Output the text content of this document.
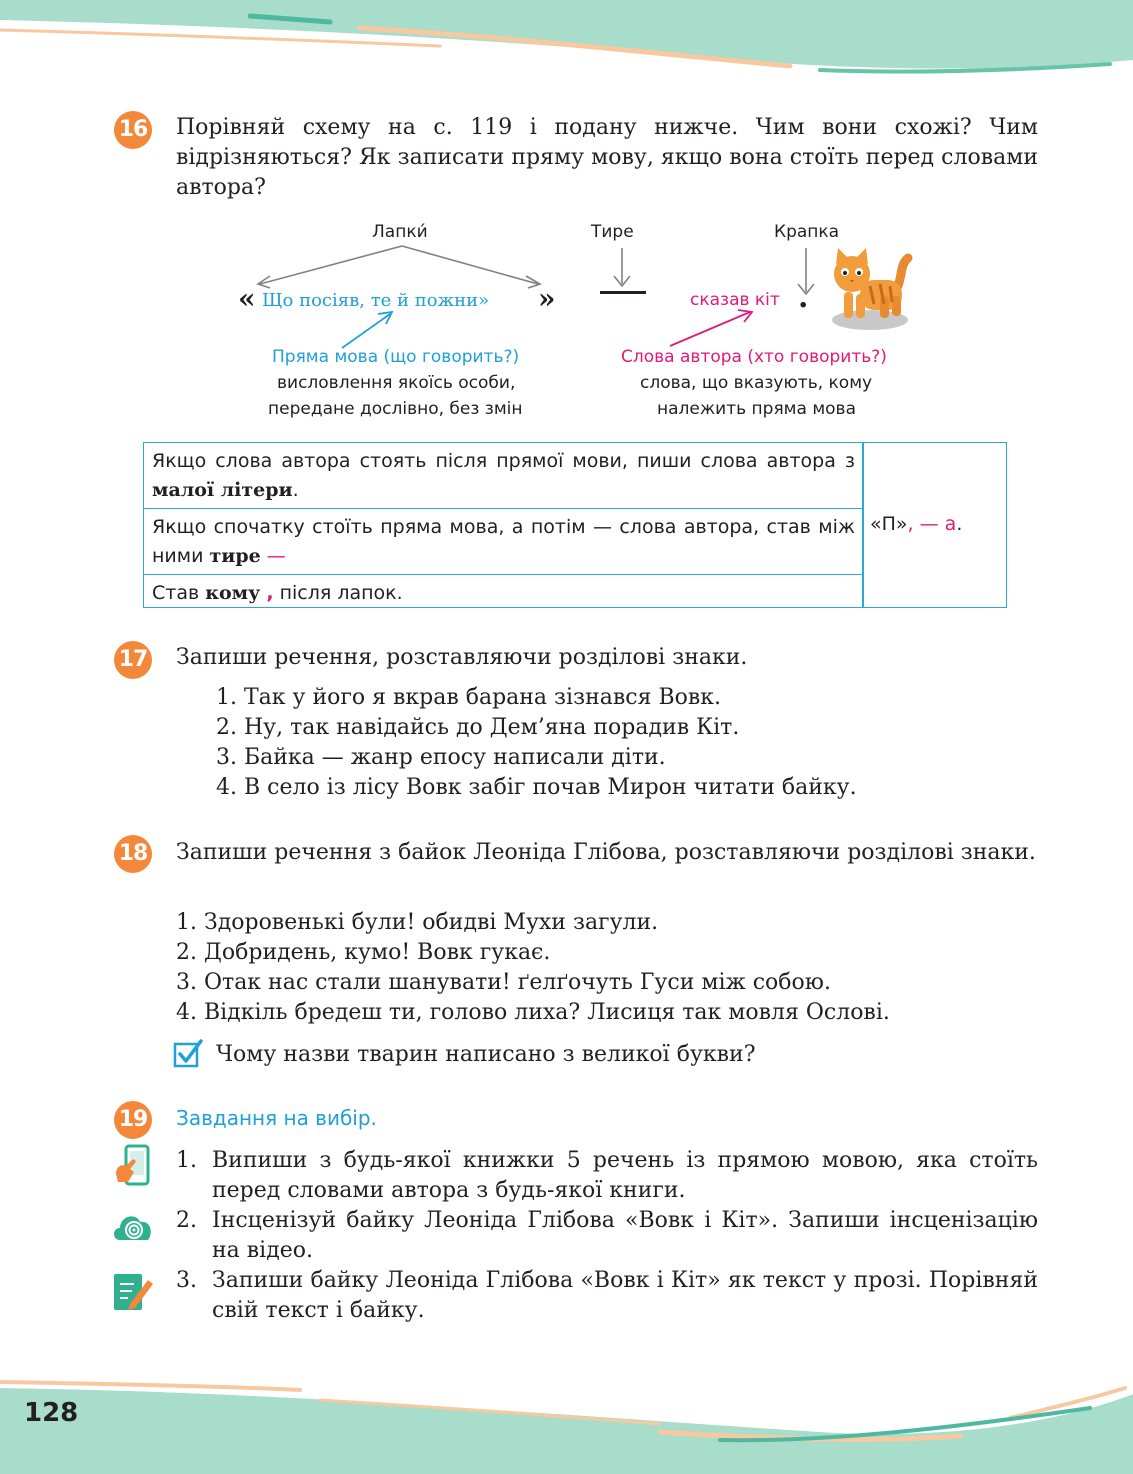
128
16 Порівняй схему на с. 119 і подану нижче. Чим вони схожі? Чим відрізняються? Як записати пряму мову, якщо вона стоїть перед словами автора?
Лапки́	Тире	Крапка
« Що посіяв, те й пожни» »	сказав кіт .
Пряма мова (що говорить?)
висловлення якоїсь особи,
передане дослівно, без змін
Слова автора (хто говорить?)
слова, що вказують, кому
належить пряма мова
Якщо слова автора стоять після прямої мови, пиши слова автора з малої літери.
Якщо спочатку стоїть пряма мова, а потім — слова автора, став між ними тире —
Став кому , після лапок.
«П», — а.
17 Запиши речення, розставляючи розділові знаки.
1. Так у його я вкрав барана зізнався Вовк.
2. Ну, так навідайсь до Дем’яна порадив Кіт.
3. Байка — жанр епосу написали діти.
4. В село із лісу Вовк забіг почав Мирон читати байку.
18 Запиши речення з байок Леоніда Глібова, розставляючи розділові знаки.
1. Здоровенькі були! обидві Мухи загули.
2. Добридень, кумо! Вовк гукає.
3. Отак нас стали шанувати! ґелґочуть Гуси між собою.
4. Відкіль бредеш ти, голово лиха? Лисиця так мовля Ослові.
Чому назви тварин написано з великої букви?
19 Завдання на вибір.
1. Випиши з будь-якої книжки 5 речень із прямою мовою, яка стоїть перед словами автора з будь-якої книги.
2. Інсценізуй байку Леоніда Глібова «Вовк і Кіт». Запиши інсценізацію на відео.
3. Запиши байку Леоніда Глібова «Вовк і Кіт» як текст у прозі. Порівняй свій текст і байку.
